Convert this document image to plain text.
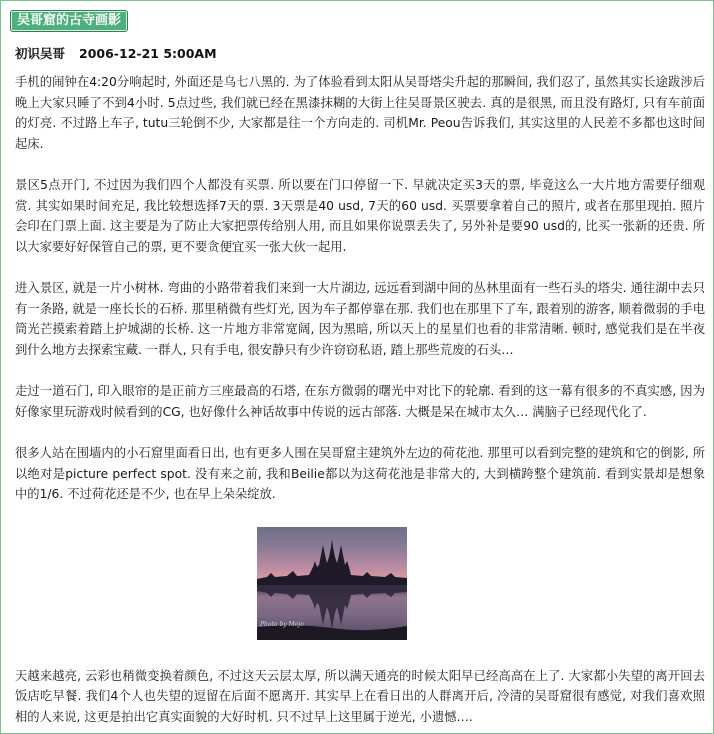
吴哥窟的古寺画影
初识吴哥 2006-12-21 5:00AM

手机的闹钟在4:20分响起时, 外面还是乌七八黑的. 为了体验看到太阳从吴哥塔尖升起的那瞬间, 我们忍了, 虽然其实长途跋涉后晚上大家只睡了不到4小时. 5点过些, 我们就已经在黑漆抹糊的大街上往吴哥景区驶去. 真的是很黑, 而且没有路灯, 只有车前面的灯亮. 不过路上车子, tutu三轮倒不少, 大家都是往一个方向走的. 司机Mr. Peou告诉我们, 其实这里的人民差不多都也这时间起床.

景区5点开门, 不过因为我们四个人都没有买票. 所以要在门口停留一下. 早就决定买3天的票, 毕竟这么一大片地方需要仔细观赏. 其实如果时间充足, 我比较想选择7天的票. 3天票是40 usd, 7天的60 usd. 买票要拿着自己的照片, 或者在那里现拍. 照片会印在门票上面. 这主要是为了防止大家把票传给别人用, 而且如果你说票丢失了, 另外补是要90 usd的, 比买一张新的还贵. 所以大家要好好保管自己的票, 更不要贪便宜买一张大伙一起用.

进入景区, 就是一片小树林. 弯曲的小路带着我们来到一大片湖边, 远远看到湖中间的丛林里面有一些石头的塔尖. 通往湖中去只有一条路, 就是一座长长的石桥. 那里稍微有些灯光, 因为车子都停靠在那. 我们也在那里下了车, 跟着别的游客, 顺着微弱的手电筒光芒摸索着踏上护城湖的长桥. 这一片地方非常宽阔, 因为黑暗, 所以天上的星星们也看的非常清晰. 顿时, 感觉我们是在半夜到什么地方去探索宝藏. 一群人, 只有手电, 很安静只有少许窃窃私语, 踏上那些荒废的石头…

走过一道石门, 印入眼帘的是正前方三座最高的石塔, 在东方微弱的曙光中对比下的轮廓. 看到的这一幕有很多的不真实感, 因为好像家里玩游戏时候看到的CG, 也好像什么神话故事中传说的远古部落. 大概是呆在城市太久… 满脑子已经现代化了.

很多人站在围墙内的小石窟里面看日出, 也有更多人围在吴哥窟主建筑外左边的荷花池. 那里可以看到完整的建筑和它的倒影, 所以绝对是picture perfect spot. 没有来之前, 我和Beilie都以为这荷花池是非常大的, 大到横跨整个建筑前. 看到实景却是想象中的1/6. 不过荷花还是不少, 也在早上朵朵绽放.

Photo by Mojo

天越来越亮, 云彩也稍微变换着颜色, 不过这天云层太厚, 所以满天通亮的时候太阳早已经高高在上了. 大家都小失望的离开回去饭店吃早餐. 我们4个人也失望的逗留在后面不愿离开. 其实早上在看日出的人群离开后, 冷清的吴哥窟很有感觉, 对我们喜欢照相的人来说, 这更是拍出它真实面貌的大好时机. 只不过早上这里属于逆光, 小遗憾….
